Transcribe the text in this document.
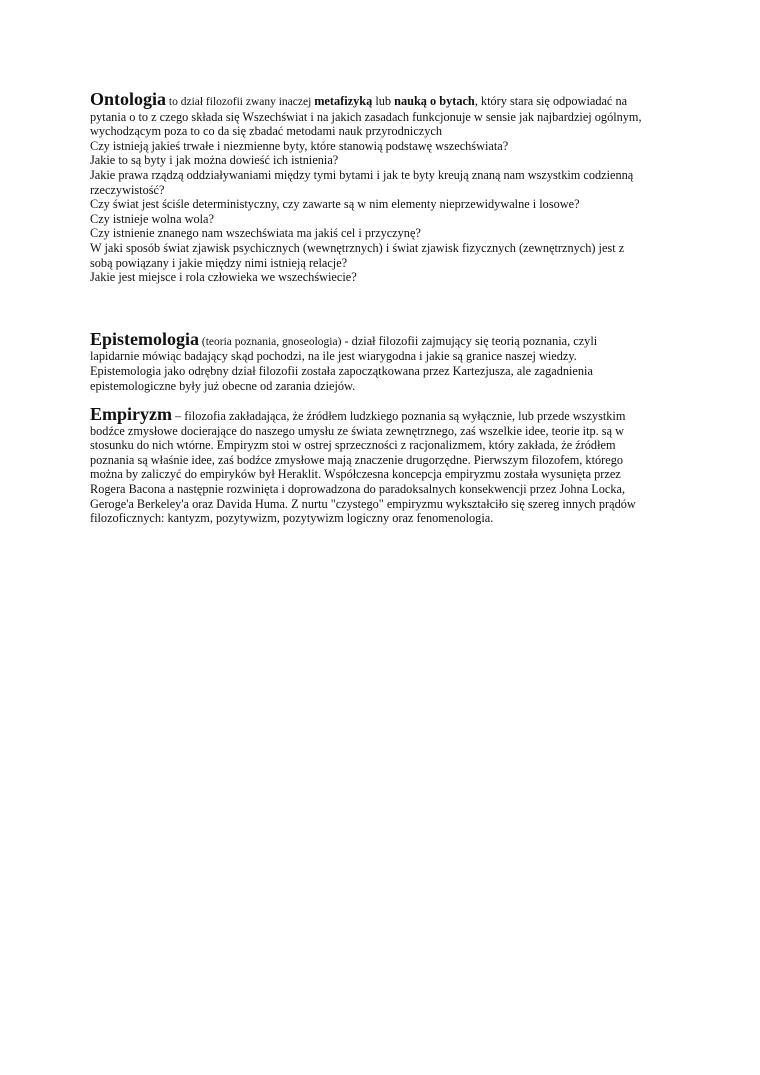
Ontologia to dział filozofii zwany inaczej metafizyką lub nauką o bytach, który stara się odpowiadać na
pytania o to z czego składa się Wszechświat i na jakich zasadach funkcjonuje w sensie jak najbardziej ogólnym,
wychodzącym poza to co da się zbadać metodami nauk przyrodniczych
Czy istnieją jakieś trwałe i niezmienne byty, które stanowią podstawę wszechświata?
Jakie to są byty i jak można dowieść ich istnienia?
Jakie prawa rządzą oddziaływaniami między tymi bytami i jak te byty kreują znaną nam wszystkim codzienną
rzeczywistość?
Czy świat jest ściśle deterministyczny, czy zawarte są w nim elementy nieprzewidywalne i losowe?
Czy istnieje wolna wola?
Czy istnienie znanego nam wszechświata ma jakiś cel i przyczynę?
W jaki sposób świat zjawisk psychicznych (wewnętrznych) i świat zjawisk fizycznych (zewnętrznych) jest z
sobą powiązany i jakie między nimi istnieją relacje?
Jakie jest miejsce i rola człowieka we wszechświecie?
Epistemologia (teoria poznania, gnoseologia) - dział filozofii zajmujący się teorią poznania, czyli
lapidarnie mówiąc badający skąd pochodzi, na ile jest wiarygodna i jakie są granice naszej wiedzy.
Epistemologia jako odrębny dział filozofii została zapoczątkowana przez Kartezjusza, ale zagadnienia
epistemologiczne były już obecne od zarania dziejów.
Empiryzm – filozofia zakładająca, że źródłem ludzkiego poznania są wyłącznie, lub przede wszystkim
bodźce zmysłowe docierające do naszego umysłu ze świata zewnętrznego, zaś wszelkie idee, teorie itp. są w
stosunku do nich wtórne. Empiryzm stoi w ostrej sprzeczności z racjonalizmem, który zakłada, że źródłem
poznania są właśnie idee, zaś bodźce zmysłowe mają znaczenie drugorzędne. Pierwszym filozofem, którego
można by zaliczyć do empiryków był Heraklit. Współczesna koncepcja empiryzmu została wysunięta przez
Rogera Bacona a następnie rozwinięta i doprowadzona do paradoksalnych konsekwencji przez Johna Locka,
Geroge'a Berkeley'a oraz Davida Huma. Z nurtu "czystego" empiryzmu wykształciło się szereg innych prądów
filozoficznych: kantyzm, pozytywizm, pozytywizm logiczny oraz fenomenologia.
